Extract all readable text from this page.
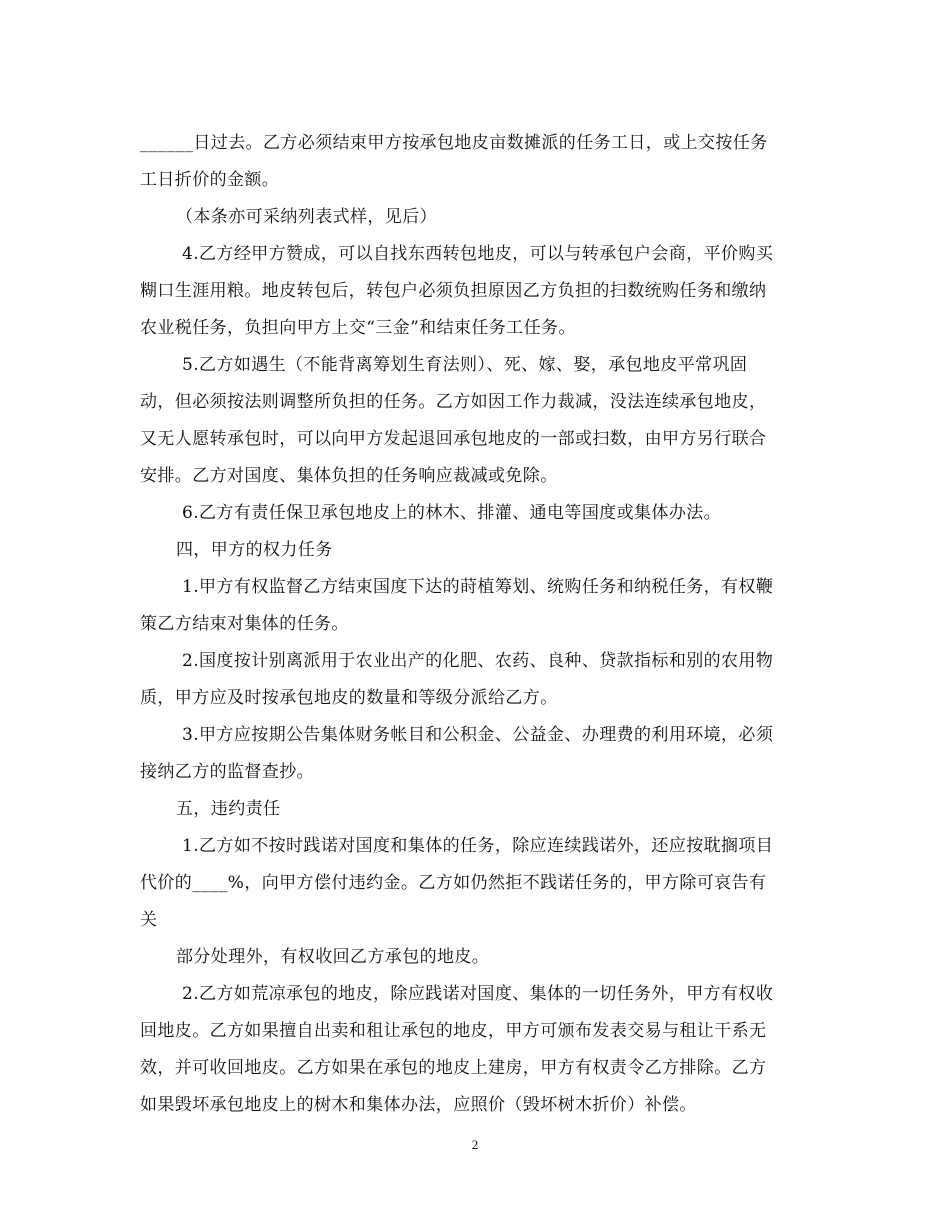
______日过去。乙方必须结束甲方按承包地皮亩数摊派的任务工日，或上交按任务
工日折价的金额。
（本条亦可采纳列表式样，见后）
4.乙方经甲方赞成，可以自找东西转包地皮，可以与转承包户会商，平价购买
糊口生涯用粮。地皮转包后，转包户必须负担原因乙方负担的扫数统购任务和缴纳
农业税任务，负担向甲方上交“三金”和结束任务工任务。
5.乙方如遇生（不能背离筹划生育法则）、死、嫁、娶，承包地皮平常巩固
动，但必须按法则调整所负担的任务。乙方如因工作力裁减，没法连续承包地皮，
又无人愿转承包时，可以向甲方发起退回承包地皮的一部或扫数，由甲方另行联合
安排。乙方对国度、集体负担的任务响应裁减或免除。
6.乙方有责任保卫承包地皮上的林木、排灌、通电等国度或集体办法。
四，甲方的权力任务
1.甲方有权监督乙方结束国度下达的莳植筹划、统购任务和纳税任务，有权鞭
策乙方结束对集体的任务。
2.国度按计别离派用于农业出产的化肥、农药、良种、贷款指标和别的农用物
质，甲方应及时按承包地皮的数量和等级分派给乙方。
3.甲方应按期公告集体财务帐目和公积金、公益金、办理费的利用环境，必须
接纳乙方的监督查抄。
五，违约责任
1.乙方如不按时践诺对国度和集体的任务，除应连续践诺外，还应按耽搁项目
代价的____%，向甲方偿付违约金。乙方如仍然拒不践诺任务的，甲方除可哀告有
关
部分处理外，有权收回乙方承包的地皮。
2.乙方如荒凉承包的地皮，除应践诺对国度、集体的一切任务外，甲方有权收
回地皮。乙方如果擅自出卖和租让承包的地皮，甲方可颁布发表交易与租让干系无
效，并可收回地皮。乙方如果在承包的地皮上建房，甲方有权责令乙方排除。乙方
如果毁坏承包地皮上的树木和集体办法，应照价（毁坏树木折价）补偿。
2
